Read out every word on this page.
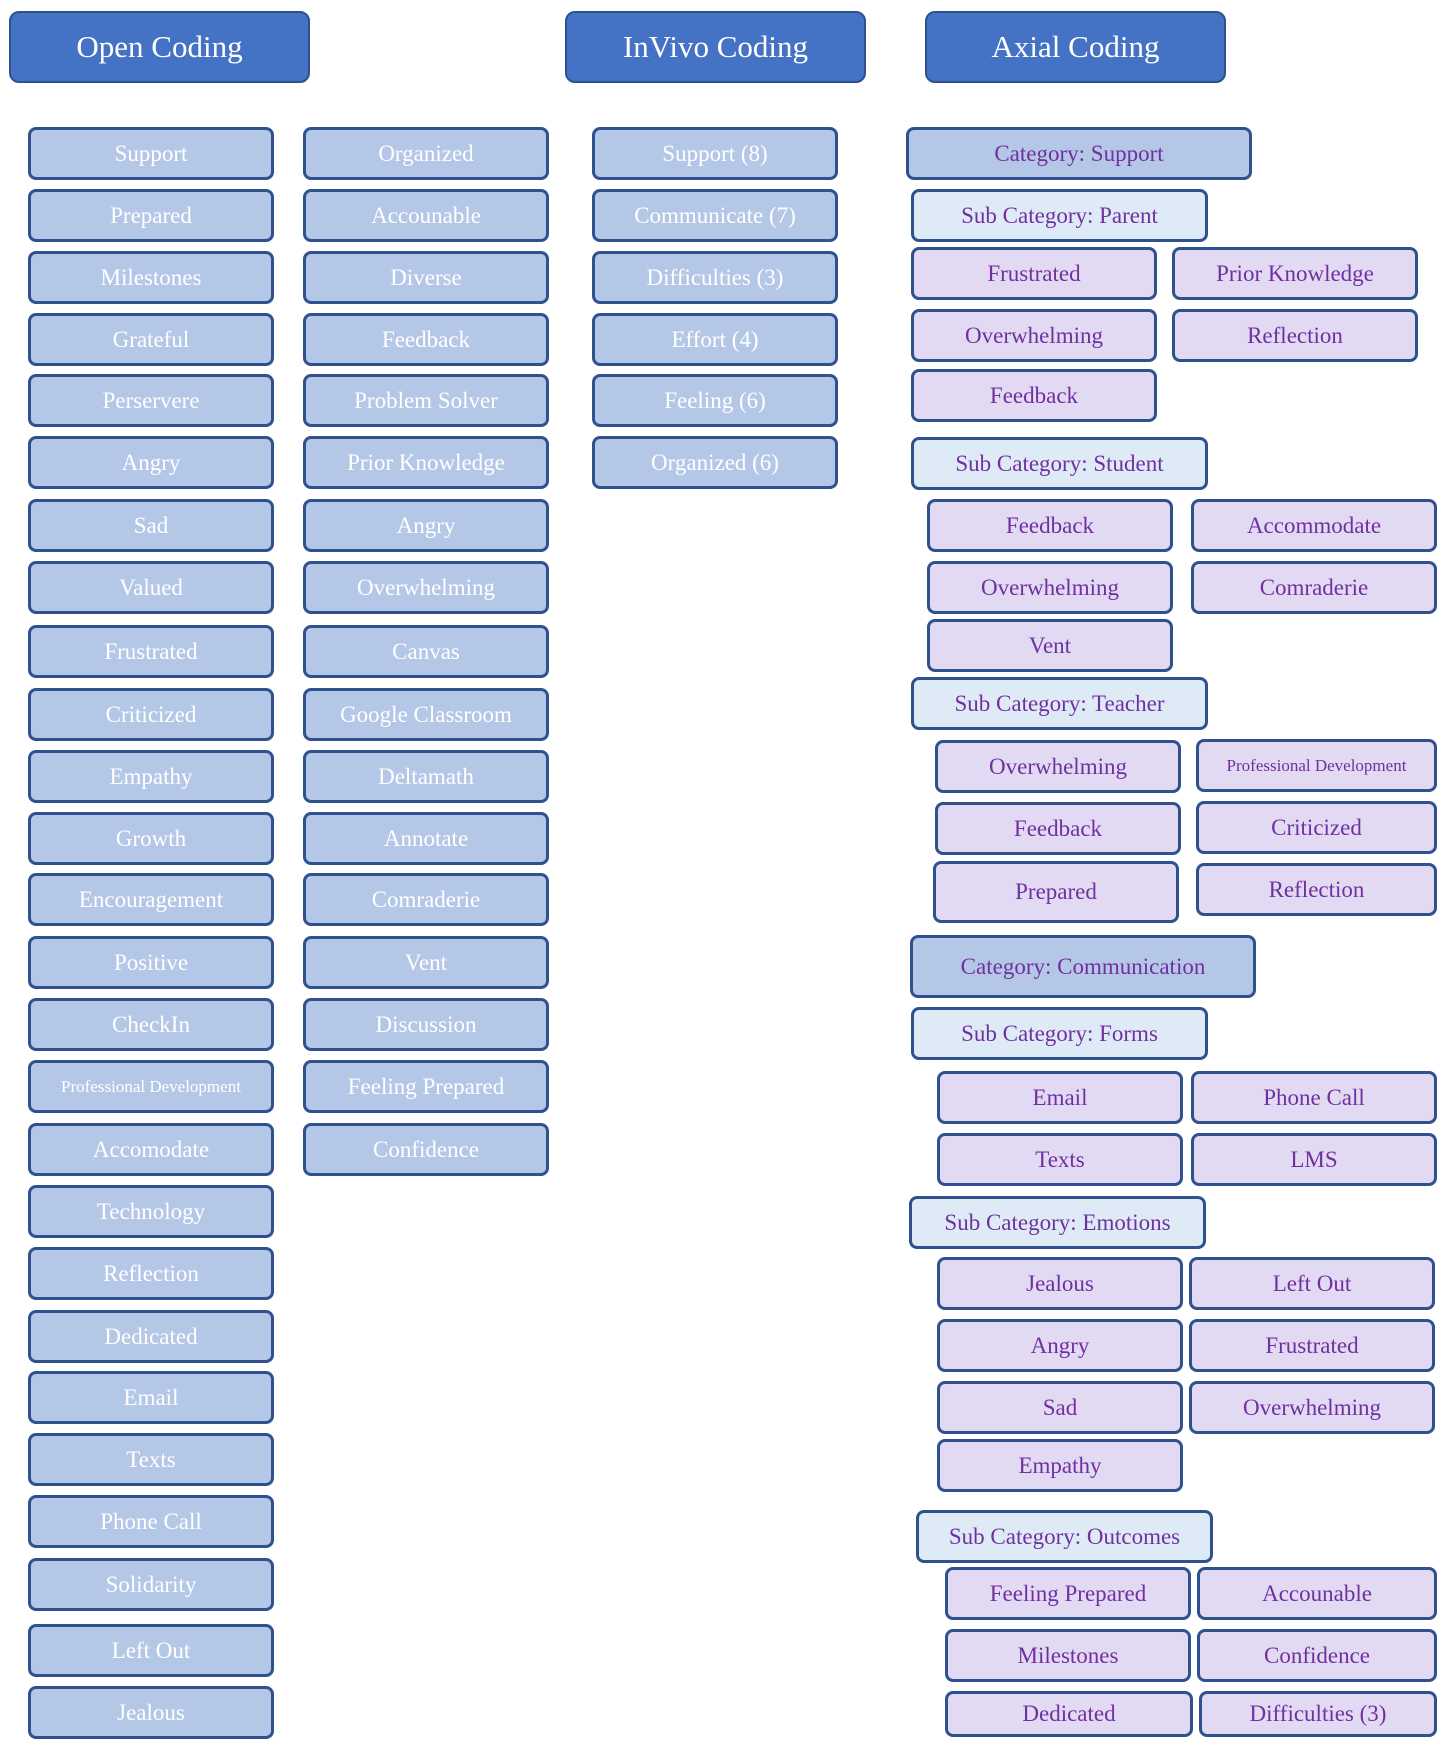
Open Coding	InVivo Coding	Axial Coding
Support
Prepared
Milestones
Grateful
Perservere
Angry
Sad
Valued
Frustrated
Criticized
Empathy
Growth
Encouragement
Positive
CheckIn
Professional Development
Accomodate
Technology
Reflection
Dedicated
Email
Texts
Phone Call
Solidarity
Left Out
Jealous
Organized
Accounable
Diverse
Feedback
Problem Solver
Prior Knowledge
Angry
Overwhelming
Canvas
Google Classroom
Deltamath
Annotate
Comraderie
Vent
Discussion
Feeling Prepared
Confidence
Support (8)
Communicate (7)
Difficulties (3)
Effort (4)
Feeling (6)
Organized (6)
Category: Support
Sub Category: Parent
Frustrated	Prior Knowledge
Overwhelming	Reflection
Feedback
Sub Category: Student
Feedback	Accommodate
Overwhelming	Comraderie
Vent
Sub Category: Teacher
Overwhelming	Professional Development
Feedback	Criticized
Prepared	Reflection
Category: Communication
Sub Category: Forms
Email	Phone Call
Texts	LMS
Sub Category: Emotions
Jealous	Left Out
Angry	Frustrated
Sad	Overwhelming
Empathy
Sub Category: Outcomes
Feeling Prepared	Accounable
Milestones	Confidence
Dedicated	Difficulties (3)
